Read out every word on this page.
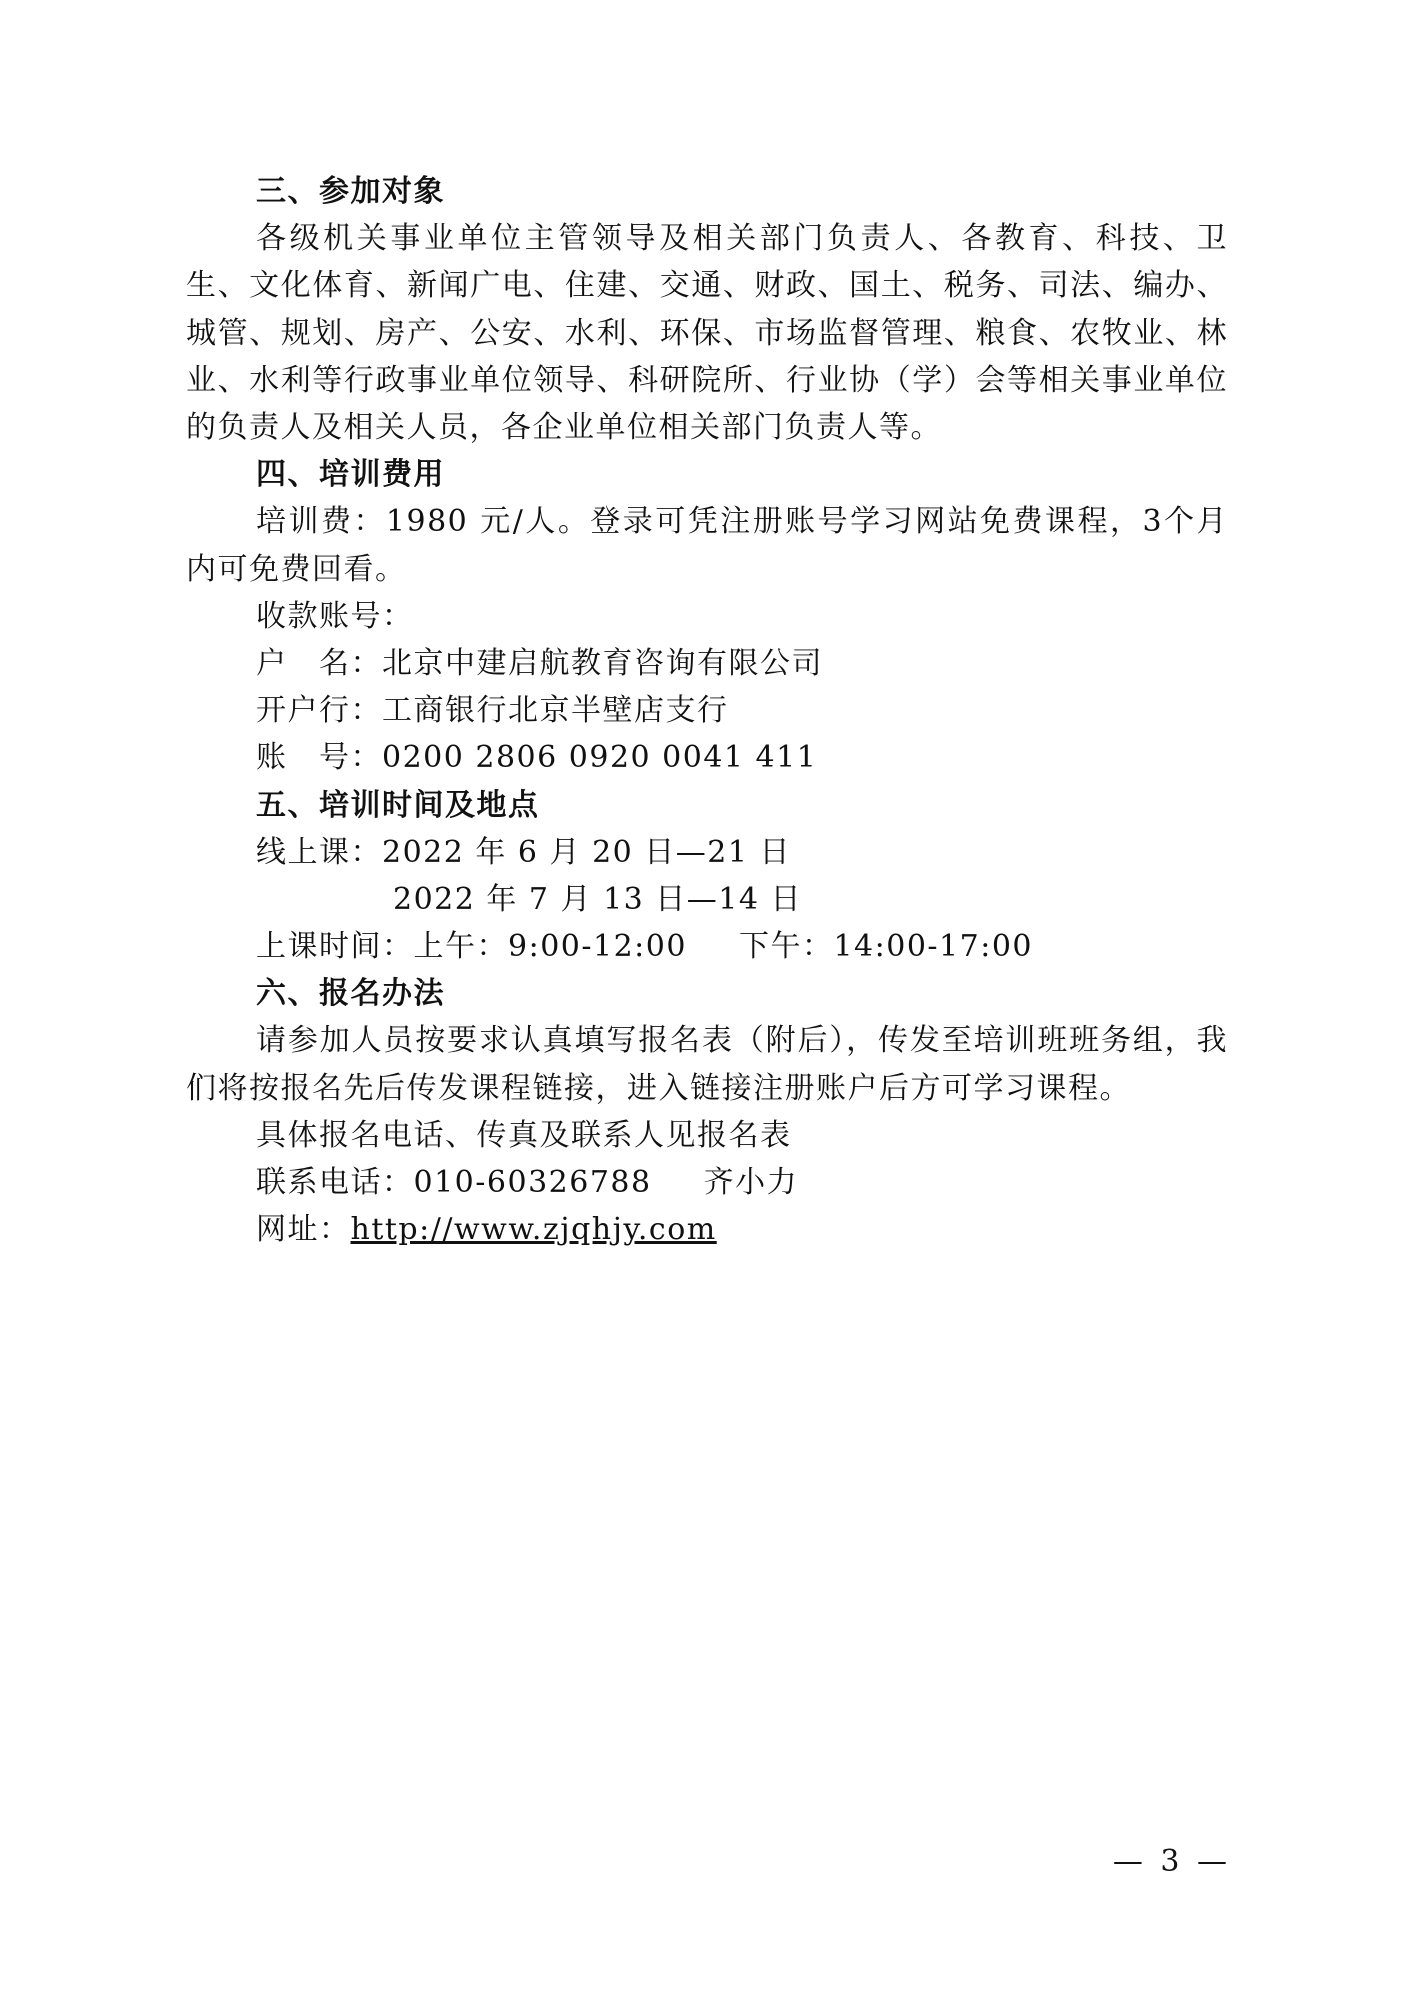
三、参加对象
各级机关事业单位主管领导及相关部门负责人、各教育、科技、卫生、文化体育、新闻广电、住建、交通、财政、国土、税务、司法、编办、城管、规划、房产、公安、水利、环保、市场监督管理、粮食、农牧业、林业、水利等行政事业单位领导、科研院所、行业协（学）会等相关事业单位的负责人及相关人员，各企业单位相关部门负责人等。
四、培训费用
培训费：1980 元/人。登录可凭注册账号学习网站免费课程，3个月内可免费回看。
收款账号：
户　名：北京中建启航教育咨询有限公司
开户行：工商银行北京半壁店支行
账　号：0200 2806 0920 0041 411
五、培训时间及地点
线上课：2022 年 6 月 20 日—21 日
2022 年 7 月 13 日—14 日
上课时间：上午：9:00-12:00 下午：14:00-17:00
六、报名办法
请参加人员按要求认真填写报名表（附后），传发至培训班班务组，我们将按报名先后传发课程链接，进入链接注册账户后方可学习课程。
具体报名电话、传真及联系人见报名表
联系电话：010-60326788 齐小力
网址：http://www.zjqhjy.com
— 3 —
